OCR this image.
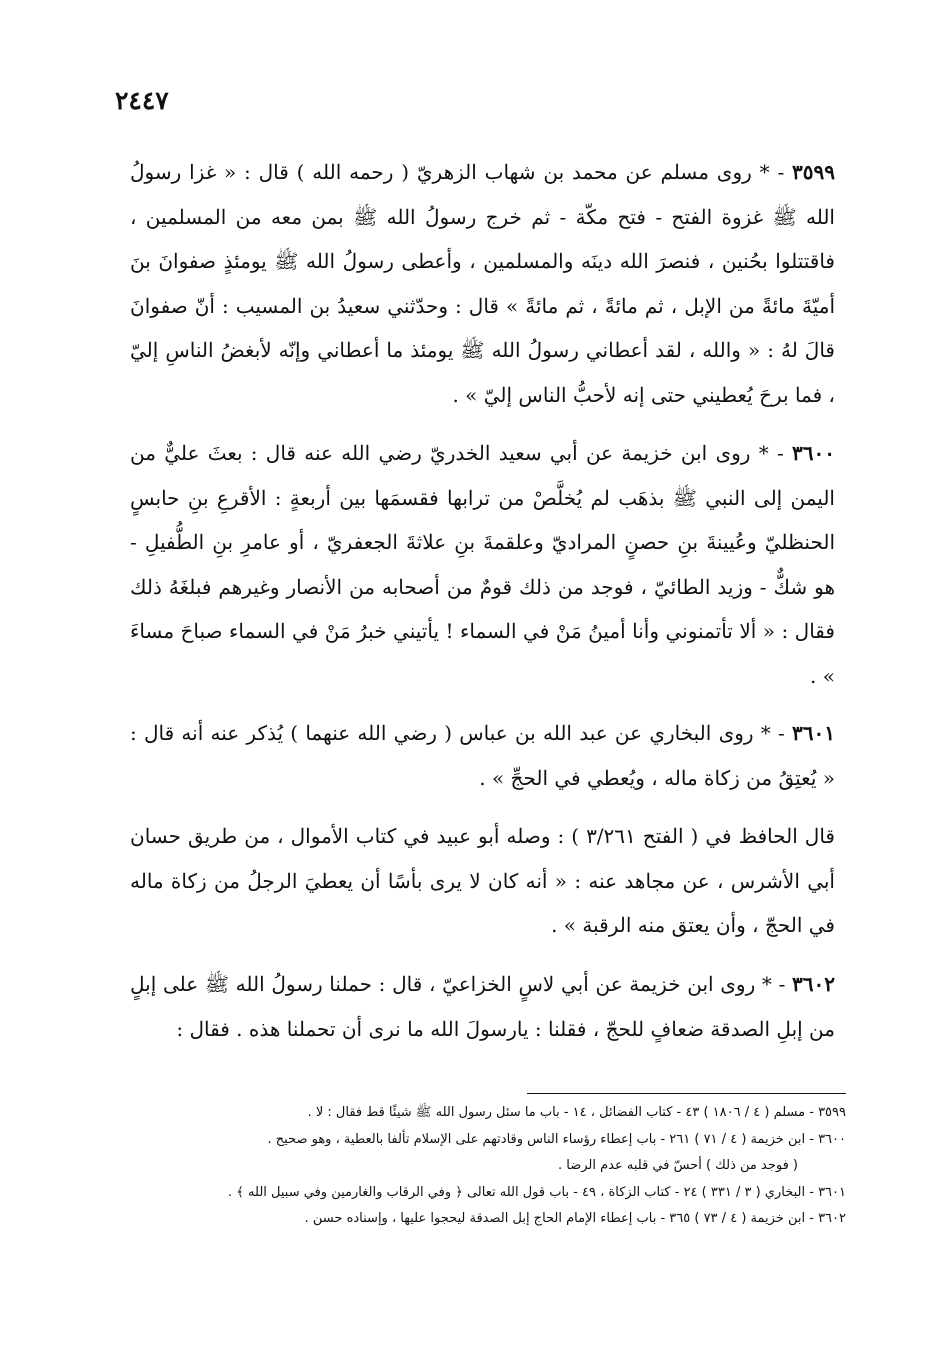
٢٤٤٧
٣٥٩٩ - * روى مسلم عن محمد بن شهاب الزهريّ ( رحمه الله ) قال : « غزا رسولُ الله ﷺ غزوة الفتح - فتح مكّة - ثم خرج رسولُ الله ﷺ بمن معه من المسلمين ، فاقتتلوا بحُنين ، فنصرَ الله دينَه والمسلمين ، وأعطى رسولُ الله ﷺ يومئذٍ صفوانَ بنَ أميّةَ مائةً من الإبل ، ثم مائةً ، ثم مائةً » قال : وحدّثني سعيدُ بن المسيب : أنّ صفوانَ قالَ لهُ : « والله ، لقد أعطاني رسولُ الله ﷺ يومئذ ما أعطاني وإنّه لأبغضُ الناسِ إليّ ، فما برحَ يُعطيني حتى إنه لأحبُّ الناس إليّ » .
٣٦٠٠ - * روى ابن خزيمة عن أبي سعيد الخدريّ رضي الله عنه قال : بعثَ عليٌّ من اليمن إلى النبي ﷺ بذهَب لم يُخلَّصْ من ترابها فقسمَها بين أربعةٍ : الأقرعِ بنِ حابسٍ الحنظليّ وعُيينةَ بنِ حصنٍ المراديّ وعلقمةَ بنِ علاثةَ الجعفريّ ، أو عامرِ بنِ الطُّفيلِ - هو شكٌّ - وزيد الطائيّ ، فوجد من ذلك قومٌ من أصحابه من الأنصار وغيرهم فبلغَهُ ذلك فقال : « ألا تأتمنوني وأنا أمينُ مَنْ في السماء ! يأتيني خبرُ مَنْ في السماء صباحَ مساءَ » .
٣٦٠١ - * روى البخاري عن عبد الله بن عباس ( رضي الله عنهما ) يُذكر عنه أنه قال : « يُعتِقُ من زكاة ماله ، ويُعطي في الحجِّ » .
قال الحافظ في ( الفتح ٣/٢٦١ ) : وصله أبو عبيد في كتاب الأموال ، من طريق حسان أبي الأشرس ، عن مجاهد عنه : « أنه كان لا يرى بأسًا أن يعطيَ الرجلُ من زكاة ماله في الحجّ ، وأن يعتق منه الرقبة » .
٣٦٠٢ - * روى ابن خزيمة عن أبي لاسٍ الخزاعيّ ، قال : حملنا رسولُ الله ﷺ على إبلٍ من إبلِ الصدقة ضعافٍ للحجّ ، فقلنا : يارسولَ الله ما نرى أن تحملنا هذه . فقال :
٣٥٩٩ - مسلم ( ٤ / ١٨٠٦ ) ٤٣ - كتاب الفضائل ، ١٤ - باب ما سئل رسول الله ﷺ شيئًا قط فقال : لا .
٣٦٠٠ - ابن خزيمة ( ٤ / ٧١ ) ٢٦١ - باب إعطاء رؤساء الناس وقادتهم على الإسلام تألفا بالعطية ، وهو صحيح .
( فوجد من ذلك ) أحسّ في قلبه عدم الرضا .
٣٦٠١ - البخاري ( ٣ / ٣٣١ ) ٢٤ - كتاب الزكاة ، ٤٩ - باب قول الله تعالى ﴿ وفي الرقاب والغارمين وفي سبيل الله ﴾ .
٣٦٠٢ - ابن خزيمة ( ٤ / ٧٣ ) ٣٦٥ - باب إعطاء الإمام الحاج إبل الصدقة ليحجوا عليها ، وإسناده حسن .
